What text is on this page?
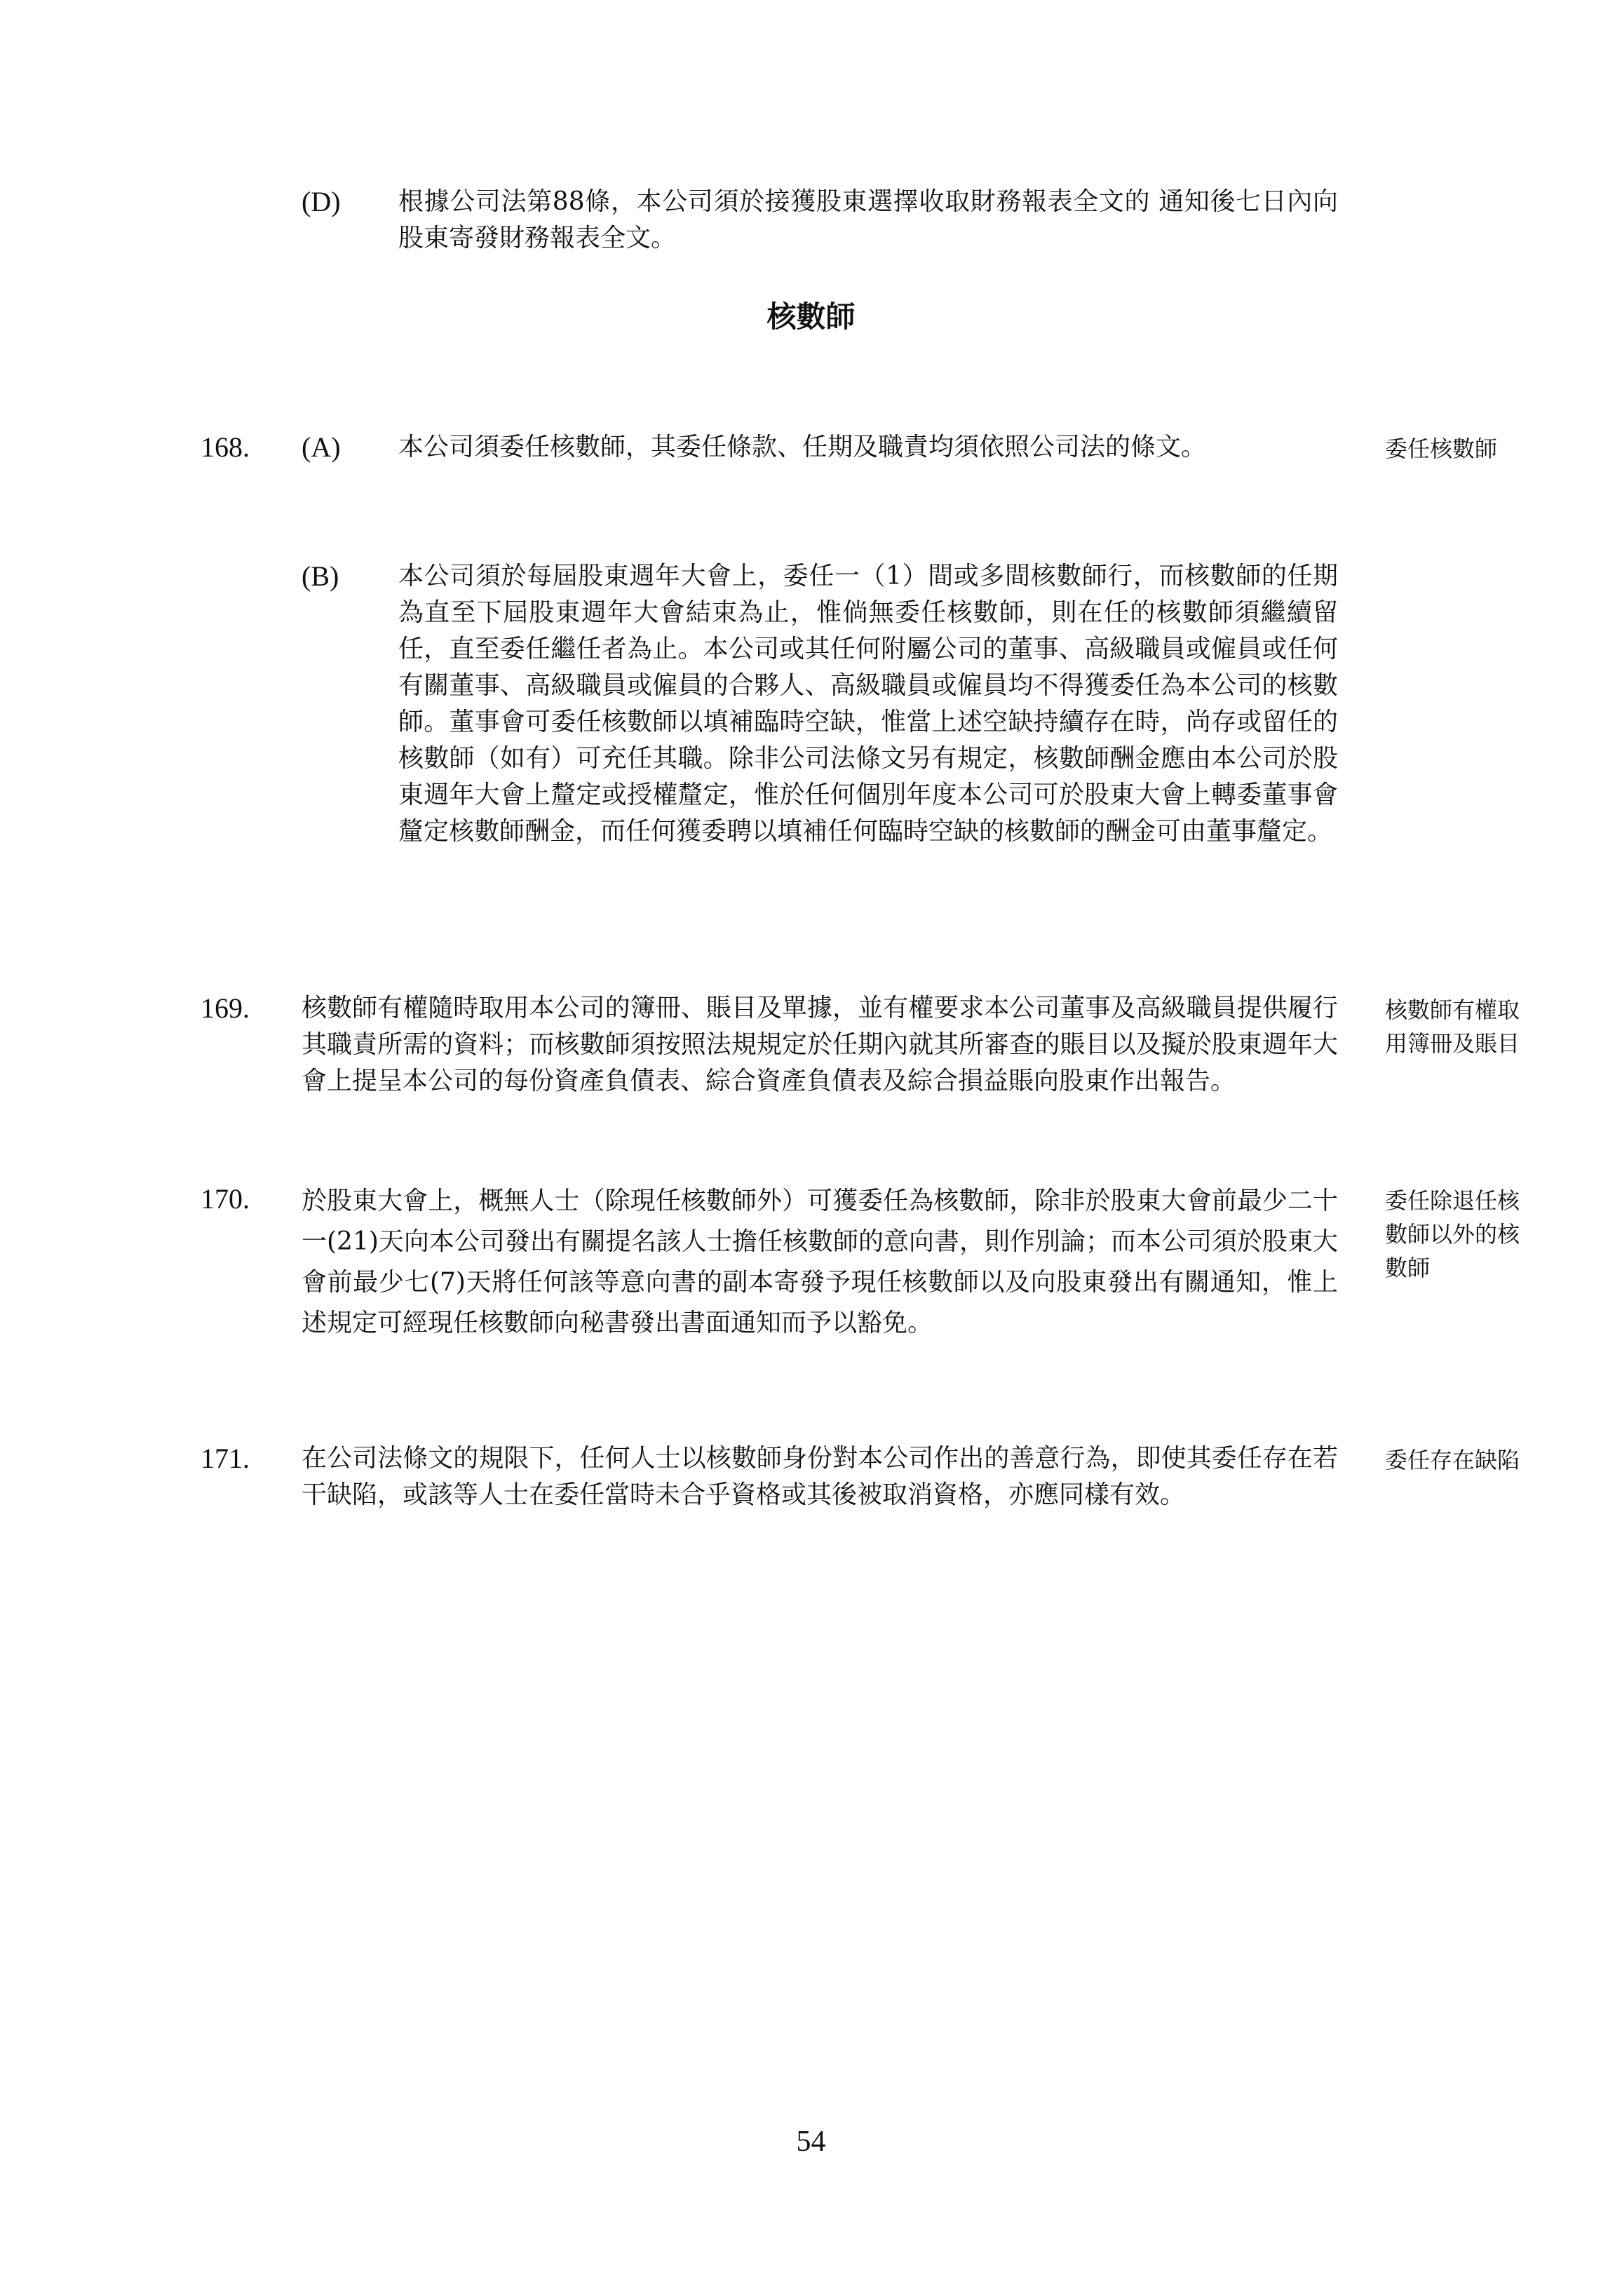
(D) 根據公司法第88條，本公司須於接獲股東選擇收取財務報表全文的 通知後七日內向股東寄發財務報表全文。

核數師
168. (A) 本公司須委任核數師，其委任條款、任期及職責均須依照公司法的條文。	委任核數師

(B) 本公司須於每屆股東週年大會上，委任一（1）間或多間核數師行，而核數師的任期為直至下屆股東週年大會結束為止，惟倘無委任核數師，則在任的核數師須繼續留任，直至委任繼任者為止。本公司或其任何附屬公司的董事、高級職員或僱員或任何有關董事、高級職員或僱員的合夥人、高級職員或僱員均不得獲委任為本公司的核數師。董事會可委任核數師以填補臨時空缺，惟當上述空缺持續存在時，尚存或留任的核數師（如有）可充任其職。除非公司法條文另有規定，核數師酬金應由本公司於股東週年大會上釐定或授權釐定，惟於任何個別年度本公司可於股東大會上轉委董事會釐定核數師酬金，而任何獲委聘以填補任何臨時空缺的核數師的酬金可由董事釐定。

169. 核數師有權隨時取用本公司的簿冊、賬目及單據，並有權要求本公司董事及高級職員提供履行其職責所需的資料；而核數師須按照法規規定於任期內就其所審查的賬目以及擬於股東週年大會上提呈本公司的每份資產負債表、綜合資產負債表及綜合損益賬向股東作出報告。

核數師有權取 用簿冊及賬目

170. 於股東大會上，概無人士（除現任核數師外）可獲委任為核數師，除非於股東大會前最少二十一(21)天向本公司發出有關提名該人士擔任核數師的意向書，則作別論；而本公司須於股東大會前最少七(7)天將任何該等意向書的副本寄發予現任核數師以及向股東發出有關通知，惟上述規定可經現任核數師向秘書發出書面通知而予以豁免。

委任除退任核 數師以外的核 數師

171. 在公司法條文的規限下，任何人士以核數師身份對本公司作出的善意行為，即使其委任存在若干缺陷，或該等人士在委任當時未合乎資格或其後被取消資格，亦應同樣有效。

委任存在缺陷

54
